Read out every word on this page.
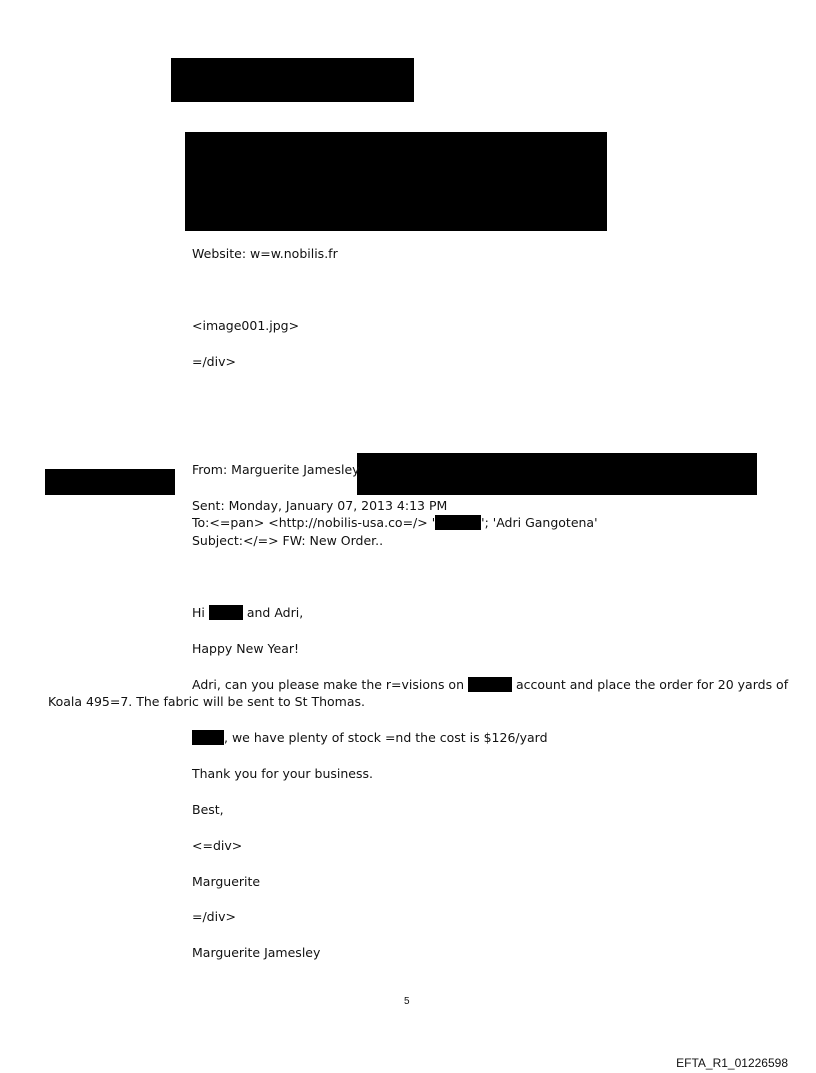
Website: w=w.nobilis.fr
<image001.jpg>
=/div>
From: Marguerite Jamesley
Sent: Monday, January 07, 2013 4:13 PM
To:<=pan> <http://nobilis-usa.co=/> '	'; 'Adri Gangotena'
Subject:</=> FW: New Order..
Hi	and Adri,
Happy New Year!
Adri, can you please make the r=visions on	account and place the order for 20 yards of
Koala 495=7. The fabric will be sent to St Thomas.
, we have plenty of stock =nd the cost is $126/yard
Thank you for your business.
Best,
<=div>
Marguerite
=/div>
Marguerite Jamesley
5
EFTA_R1_01226598
